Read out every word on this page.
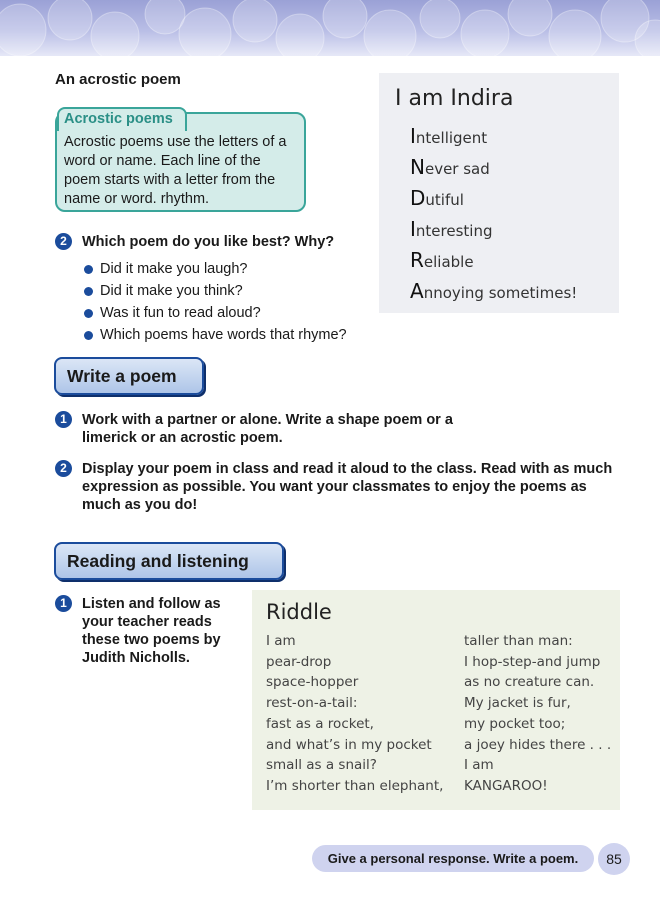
An acrostic poem
Acrostic poems
Acrostic poems use the letters of a word or name. Each line of the poem starts with a letter from the name or word. rhythm.
2	Which poem do you like best? Why?
Did it make you laugh?
Did it make you think?
Was it fun to read aloud?
Which poems have words that rhyme?
I am Indira
Intelligent
Never sad
Dutiful
Interesting
Reliable
Annoying sometimes!
Write a poem
1	Work with a partner or alone. Write a shape poem or a limerick or an acrostic poem.
2	Display your poem in class and read it aloud to the class. Read with as much expression as possible. You want your classmates to enjoy the poems as much as you do!
Reading and listening
1	Listen and follow as your teacher reads these two poems by Judith Nicholls.
Riddle
I am
pear-drop
space-hopper
rest-on-a-tail:
fast as a rocket,
and what’s in my pocket
small as a snail?
I’m shorter than elephant,
taller than man:
I hop-step-and jump
as no creature can.
My jacket is fur,
my pocket too;
a joey hides there . . .
I am
KANGAROO!
Give a personal response. Write a poem.	85
